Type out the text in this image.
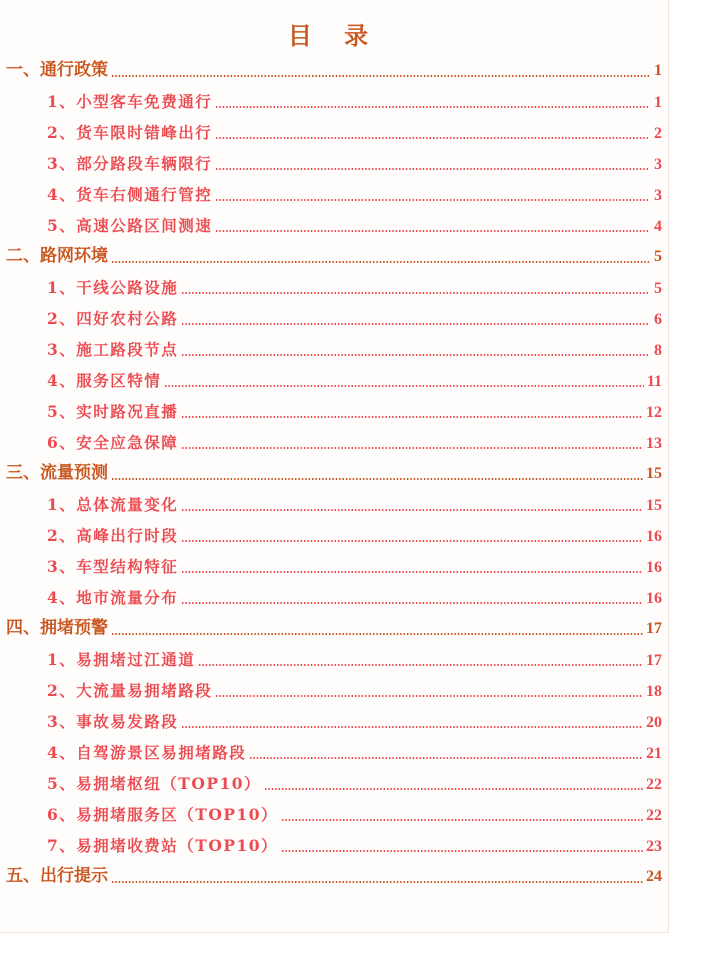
目 录
一、通行政策	1
1、小型客车免费通行	1
2、货车限时错峰出行	2
3、部分路段车辆限行	3
4、货车右侧通行管控	3
5、高速公路区间测速	4
二、路网环境	5
1、干线公路设施	5
2、四好农村公路	6
3、施工路段节点	8
4、服务区特情	11
5、实时路况直播	12
6、安全应急保障	13
三、流量预测	15
1、总体流量变化	15
2、高峰出行时段	16
3、车型结构特征	16
4、地市流量分布	16
四、拥堵预警	17
1、易拥堵过江通道	17
2、大流量易拥堵路段	18
3、事故易发路段	20
4、自驾游景区易拥堵路段	21
5、易拥堵枢纽（TOP10）	22
6、易拥堵服务区（TOP10）	22
7、易拥堵收费站（TOP10）	23
五、出行提示	24
